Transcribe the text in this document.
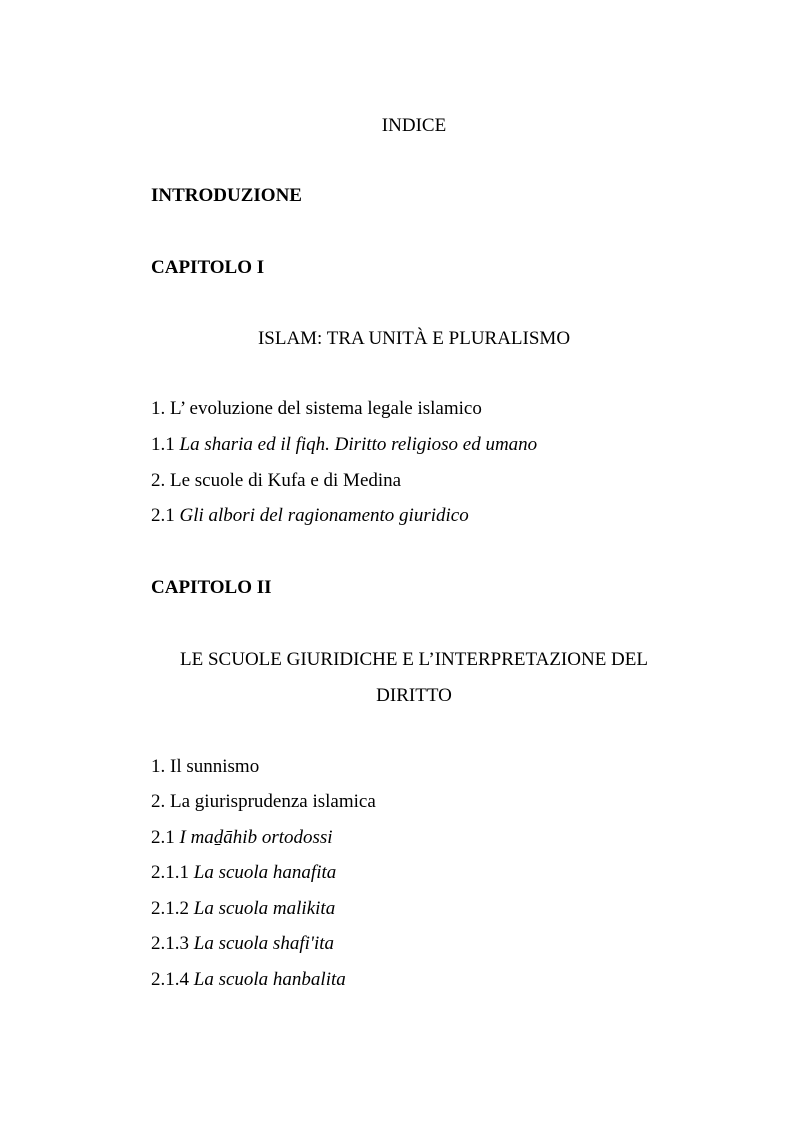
INDICE
INTRODUZIONE
CAPITOLO I
ISLAM: TRA UNITÀ E PLURALISMO
1. L’ evoluzione del sistema legale islamico
1.1 La sharia ed il fiqh. Diritto religioso ed umano
2. Le scuole di Kufa e di Medina
2.1 Gli albori del ragionamento giuridico
CAPITOLO II
LE SCUOLE GIURIDICHE E L’INTERPRETAZIONE DEL
DIRITTO
1. Il sunnismo
2. La giurisprudenza islamica
2.1 I maḏāhib ortodossi
2.1.1 La scuola hanafita
2.1.2 La scuola malikita
2.1.3 La scuola shafi'ita
2.1.4 La scuola hanbalita
